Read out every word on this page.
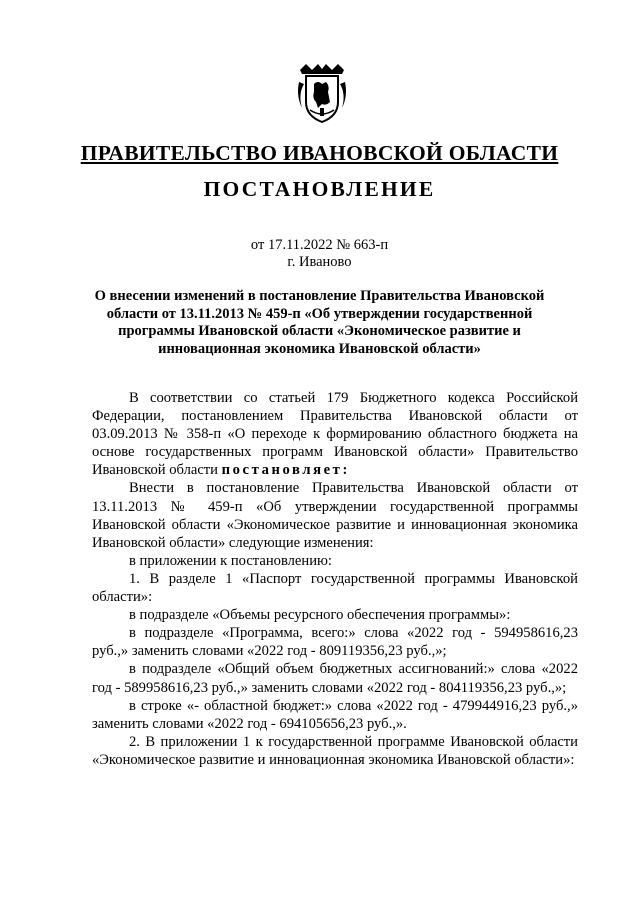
ПРАВИТЕЛЬСТВО ИВАНОВСКОЙ ОБЛАСТИ
ПОСТАНОВЛЕНИЕ
от 17.11.2022 № 663-п
г. Иваново
О внесении изменений в постановление Правительства Ивановской области от 13.11.2013 № 459-п «Об утверждении государственной программы Ивановской области «Экономическое развитие и инновационная экономика Ивановской области»

В соответствии со статьей 179 Бюджетного кодекса Российской Федерации, постановлением Правительства Ивановской области от 03.09.2013 № 358-п «О переходе к формированию областного бюджета на основе государственных программ Ивановской области» Правительство Ивановской области постановляет:

Внести в постановление Правительства Ивановской области от 13.11.2013 № 459-п «Об утверждении государственной программы Ивановской области «Экономическое развитие и инновационная экономика Ивановской области» следующие изменения:

в приложении к постановлению:

1. В разделе 1 «Паспорт государственной программы Ивановской области»:

в подразделе «Объемы ресурсного обеспечения программы»:

в подразделе «Программа, всего:» слова «2022 год - 594958616,23 руб.,» заменить словами «2022 год - 809119356,23 руб.,»;

в подразделе «Общий объем бюджетных ассигнований:» слова «2022 год - 589958616,23 руб.,» заменить словами «2022 год - 804119356,23 руб.,»;

в строке «- областной бюджет:» слова «2022 год - 479944916,23 руб.,» заменить словами «2022 год - 694105656,23 руб.,».

2. В приложении 1 к государственной программе Ивановской области «Экономическое развитие и инновационная экономика Ивановской области»:
